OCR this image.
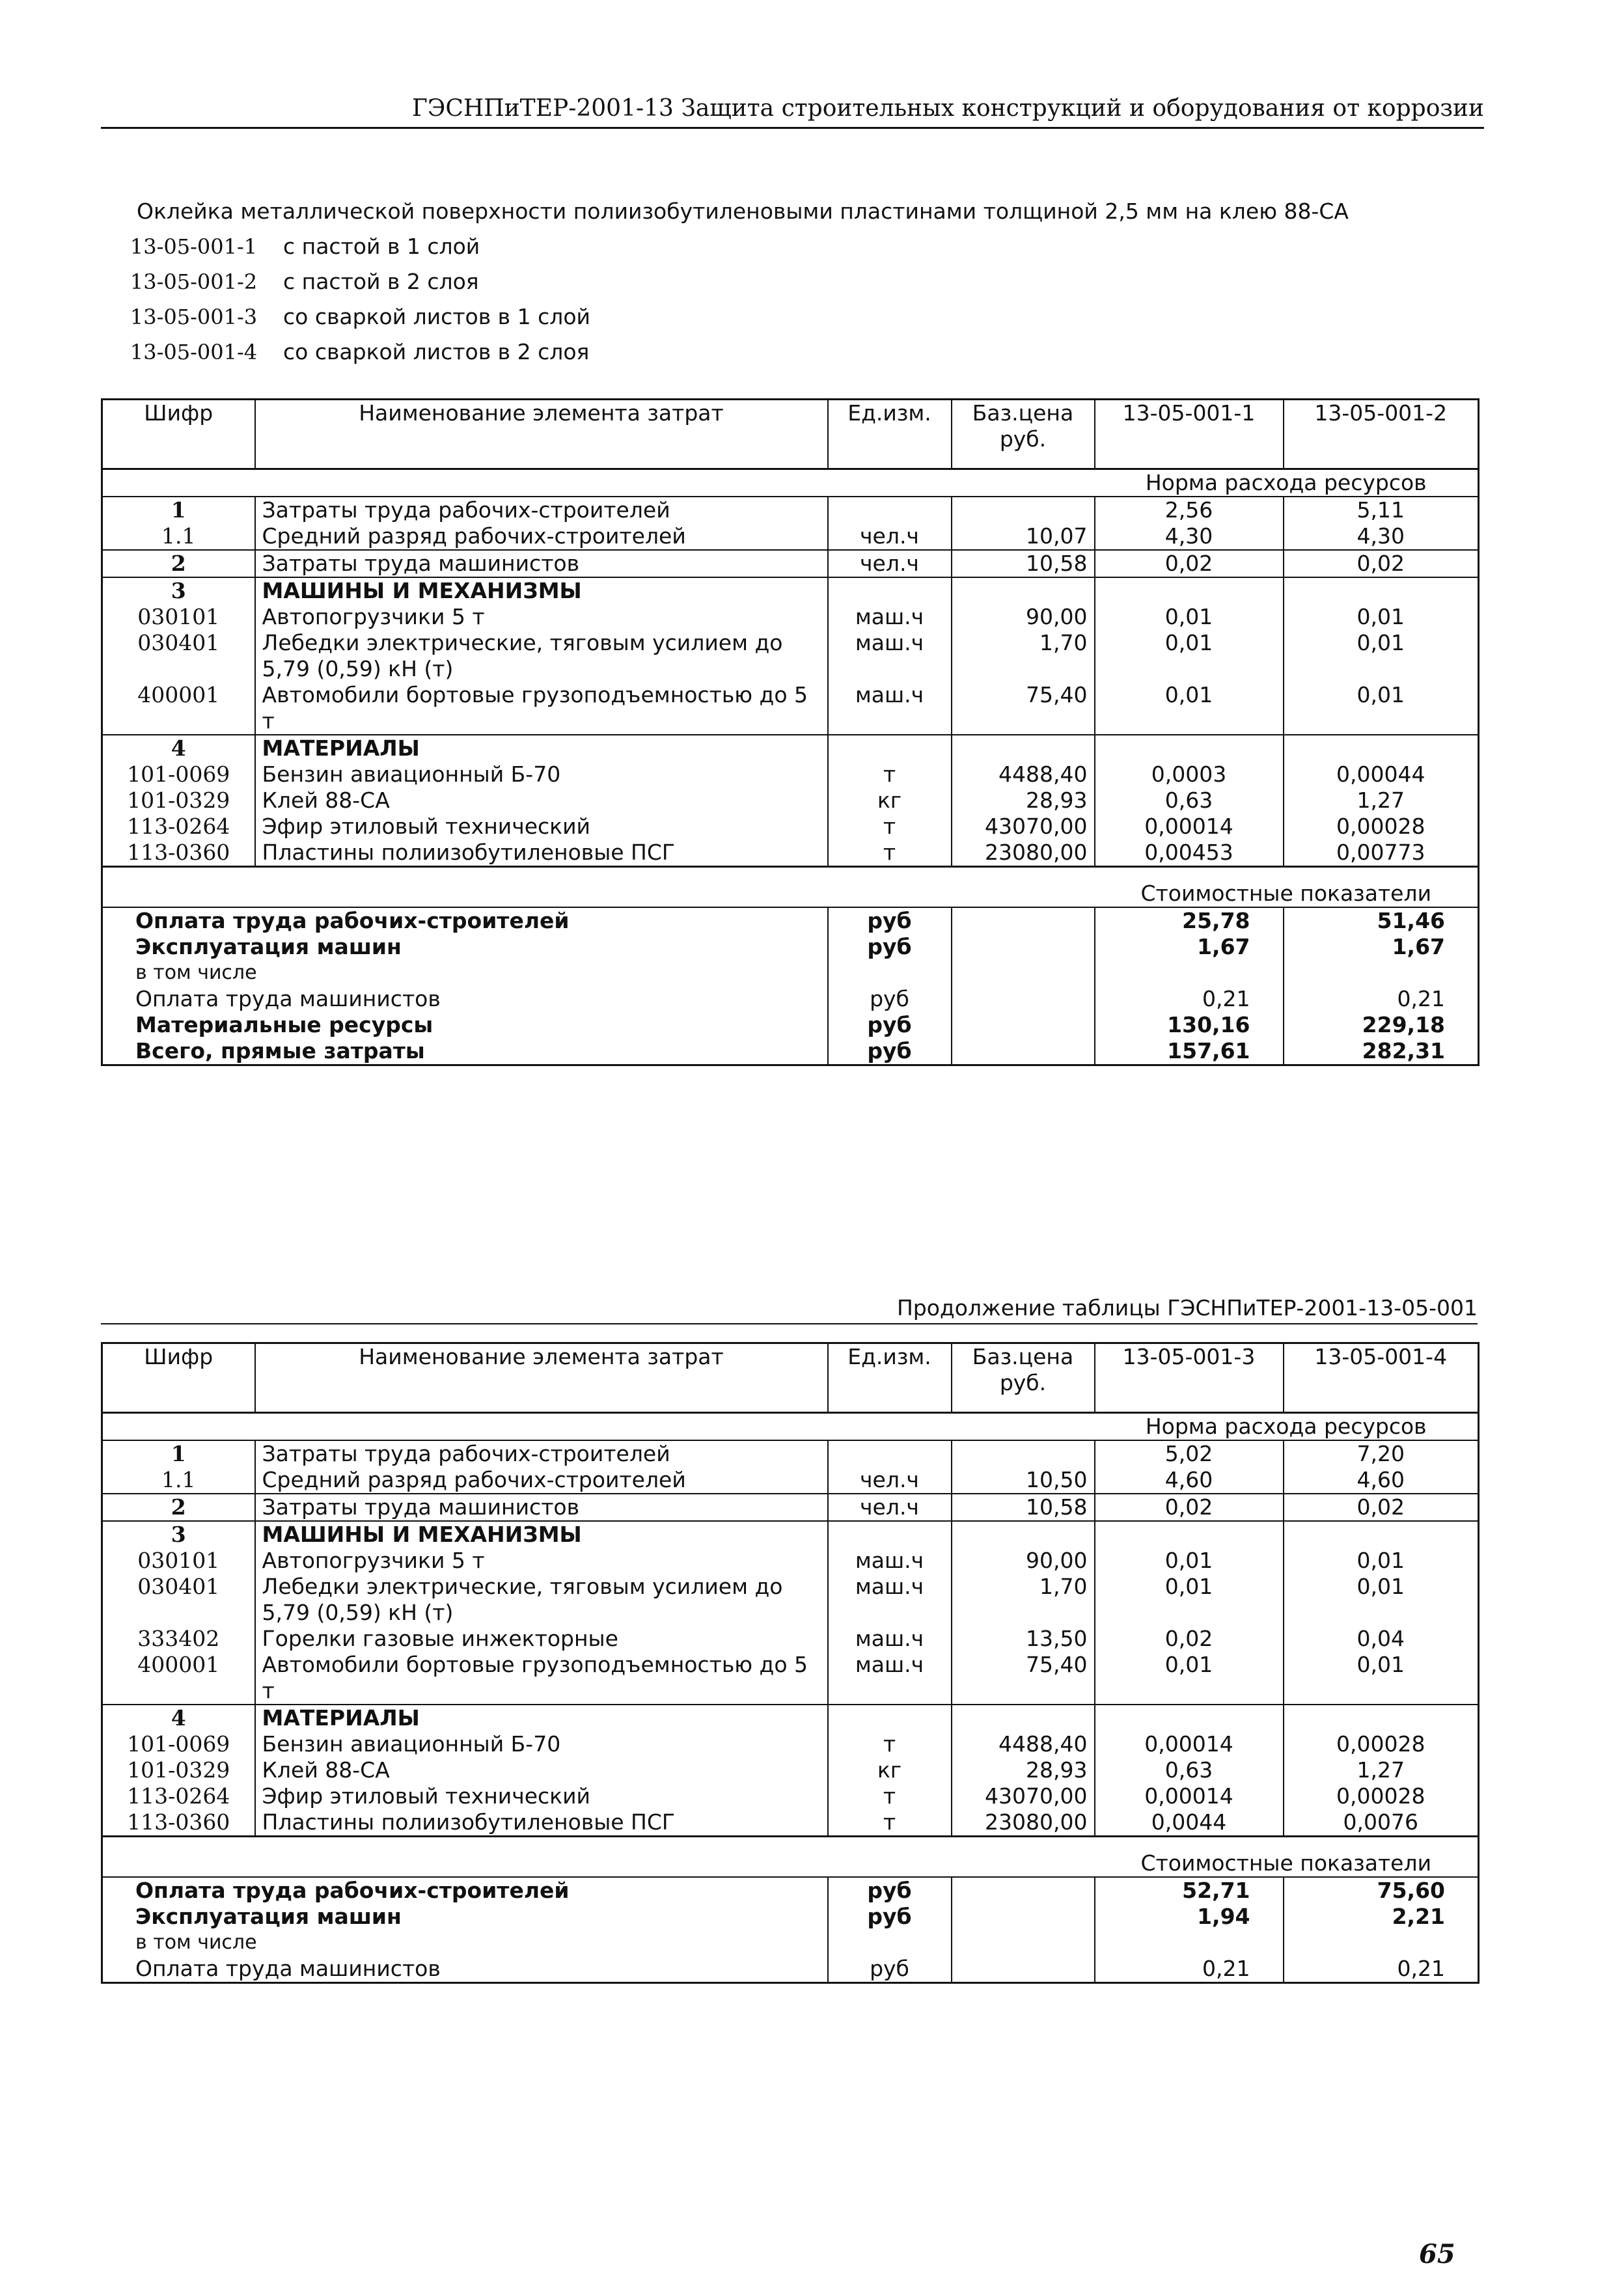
ГЭСНПиТЕР-2001-13 Защита строительных конструкций и оборудования от коррозии
Оклейка металлической поверхности полиизобутиленовыми пластинами толщиной 2,5 мм на клею 88-СА
13-05-001-1	с пастой в 1 слой
13-05-001-2	с пастой в 2 слоя
13-05-001-3	со сваркой листов в 1 слой
13-05-001-4	со сваркой листов в 2 слоя
Шифр	Наименование элемента затрат	Ед.изм.	Баз.цена руб.	13-05-001-1	13-05-001-2
				Норма расхода ресурсов	
1	Затраты труда рабочих-строителей			2,56	5,11
1.1	Средний разряд рабочих-строителей	чел.ч	10,07	4,30	4,30
2	Затраты труда машинистов	чел.ч	10,58	0,02	0,02
3	МАШИНЫ И МЕХАНИЗМЫ				
030101	Автопогрузчики 5 т	маш.ч	90,00	0,01	0,01
030401	Лебедки электрические, тяговым усилием до 5,79 (0,59) кН (т)	маш.ч	1,70	0,01	0,01
400001	Автомобили бортовые грузоподъемностью до 5 т	маш.ч	75,40	0,01	0,01
4	МАТЕРИАЛЫ				
101-0069	Бензин авиационный Б-70	т	4488,40	0,0003	0,00044
101-0329	Клей 88-СА	кг	28,93	0,63	1,27
113-0264	Эфир этиловый технический	т	43070,00	0,00014	0,00028
113-0360	Пластины полиизобутиленовые ПСГ	т	23080,00	0,00453	0,00773
				Стоимостные показатели	
Оплата труда рабочих-строителей		руб		25,78	51,46
Эксплуатация машин		руб		1,67	1,67
в том числе					
Оплата труда машинистов		руб		0,21	0,21
Материальные ресурсы		руб		130,16	229,18
Всего, прямые затраты		руб		157,61	282,31
Продолжение таблицы ГЭСНПиТЕР-2001-13-05-001
Шифр	Наименование элемента затрат	Ед.изм.	Баз.цена руб.	13-05-001-3	13-05-001-4
				Норма расхода ресурсов	
1	Затраты труда рабочих-строителей			5,02	7,20
1.1	Средний разряд рабочих-строителей	чел.ч	10,50	4,60	4,60
2	Затраты труда машинистов	чел.ч	10,58	0,02	0,02
3	МАШИНЫ И МЕХАНИЗМЫ				
030101	Автопогрузчики 5 т	маш.ч	90,00	0,01	0,01
030401	Лебедки электрические, тяговым усилием до 5,79 (0,59) кН (т)	маш.ч	1,70	0,01	0,01
333402	Горелки газовые инжекторные	маш.ч	13,50	0,02	0,04
400001	Автомобили бортовые грузоподъемностью до 5 т	маш.ч	75,40	0,01	0,01
4	МАТЕРИАЛЫ				
101-0069	Бензин авиационный Б-70	т	4488,40	0,00014	0,00028
101-0329	Клей 88-СА	кг	28,93	0,63	1,27
113-0264	Эфир этиловый технический	т	43070,00	0,00014	0,00028
113-0360	Пластины полиизобутиленовые ПСГ	т	23080,00	0,0044	0,0076
				Стоимостные показатели	
Оплата труда рабочих-строителей		руб		52,71	75,60
Эксплуатация машин		руб		1,94	2,21
в том числе					
Оплата труда машинистов		руб		0,21	0,21
65
